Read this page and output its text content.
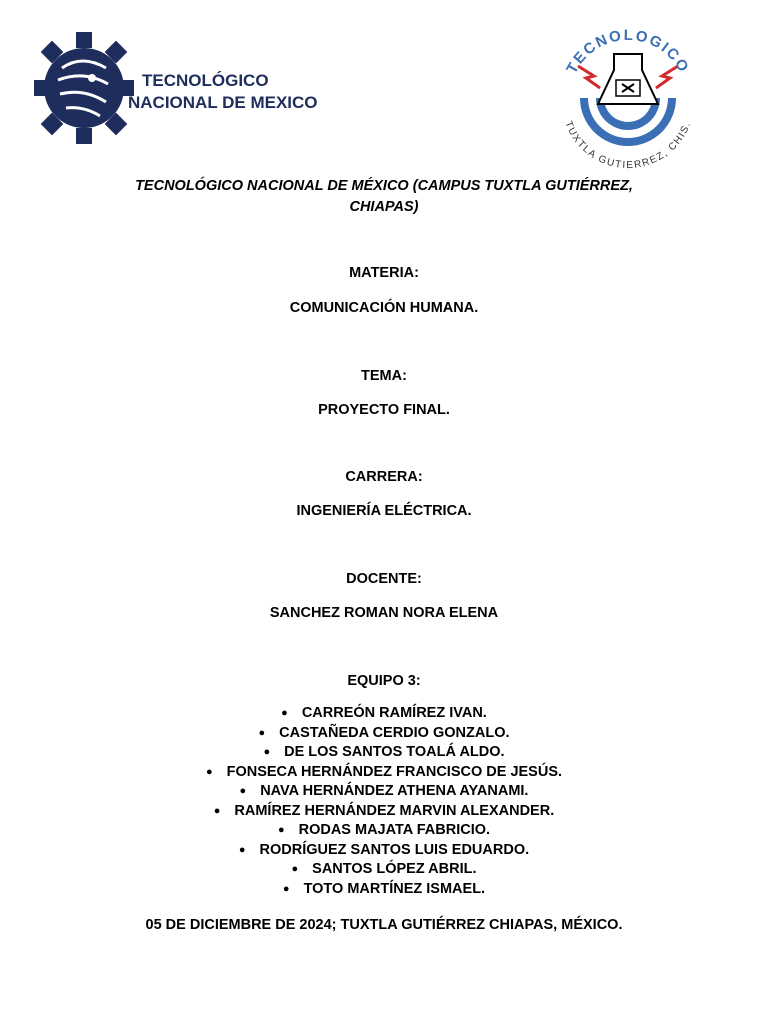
TECNOLÓGICO
NACIONAL DE MEXICO
TECNOLOGICO
TUXTLA GUTIERREZ, CHIS.
TECNOLÓGICO NACIONAL DE MÉXICO (CAMPUS TUXTLA GUTIÉRREZ, CHIAPAS)
MATERIA:
COMUNICACIÓN HUMANA.
TEMA:
PROYECTO FINAL.
CARRERA:
INGENIERÍA ELÉCTRICA.
DOCENTE:
SANCHEZ ROMAN NORA ELENA
EQUIPO 3:
● CARREÓN RAMÍREZ IVAN.
● CASTAÑEDA CERDIO GONZALO.
● DE LOS SANTOS TOALÁ ALDO.
● FONSECA HERNÁNDEZ FRANCISCO DE JESÚS.
● NAVA HERNÁNDEZ ATHENA AYANAMI.
● RAMÍREZ HERNÁNDEZ MARVIN ALEXANDER.
● RODAS MAJATA FABRICIO.
● RODRÍGUEZ SANTOS LUIS EDUARDO.
● SANTOS LÓPEZ ABRIL.
● TOTO MARTÍNEZ ISMAEL.
05 DE DICIEMBRE DE 2024; TUXTLA GUTIÉRREZ CHIAPAS, MÉXICO.
